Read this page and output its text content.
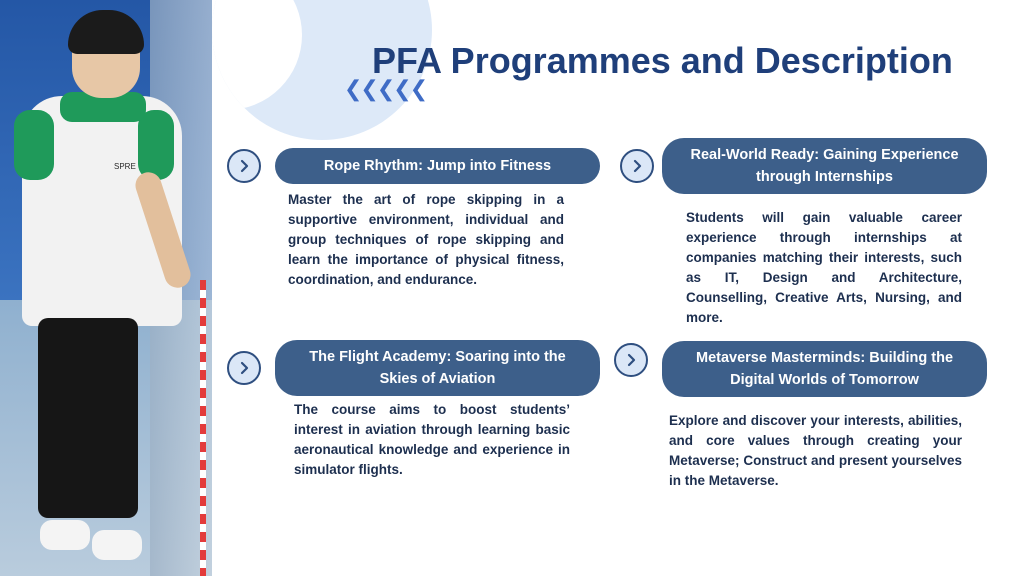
SPRE
PFA Programmes and Description
❮❮❮❮❮
Rope Rhythm: Jump into Fitness

Master the art of rope skipping in a supportive environment, individual and group techniques of rope skipping and learn the importance of physical fitness, coordination, and endurance.

Real-World Ready: Gaining Experience through Internships

Students will gain valuable career experience through internships at companies matching their interests, such as IT, Design and Architecture, Counselling, Creative Arts, Nursing, and more.

The Flight Academy: Soaring into the Skies of Aviation

The course aims to boost students’ interest in aviation through learning basic aeronautical knowledge and experience in simulator flights.

Metaverse Masterminds: Building the Digital Worlds of Tomorrow

Explore and discover your interests, abilities, and core values through creating your Metaverse; Construct and present yourselves in the Metaverse.
